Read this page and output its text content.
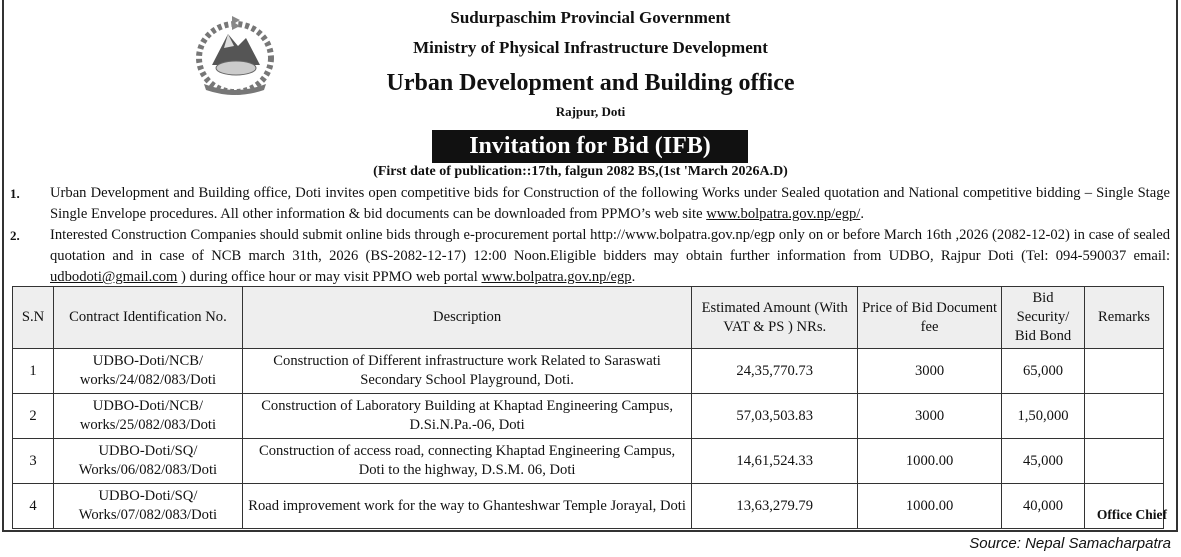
Sudurpaschim Provincial Government
Ministry of Physical Infrastructure Development
Urban Development and Building office
Rajpur, Doti
Invitation for Bid (IFB)
(First date of publication::17th, falgun 2082 BS,(1st 'March 2026A.D)
1. Urban Development and Building office, Doti invites open competitive bids for Construction of the following Works under Sealed quotation and National competitive bidding – Single Stage Single Envelope procedures. All other information & bid documents can be downloaded from PPMO’s web site www.bolpatra.gov.np/egp/.
2. Interested Construction Companies should submit online bids through e-procurement portal http://www.bolpatra.gov.np/egp only on or before March 16th ,2026 (2082-12-02) in case of sealed quotation and in case of NCB march 31th, 2026 (BS-2082-12-17) 12:00 Noon.Eligible bidders may obtain further information from UDBO, Rajpur Doti (Tel: 094-590037 email: udbodoti@gmail.com ) during office hour or may visit PPMO web portal www.bolpatra.gov.np/egp.
S.N	Contract Identification No.	Description	Estimated Amount (With VAT & PS ) NRs.	Price of Bid Document fee	Bid Security/ Bid Bond	Remarks
1	UDBO-Doti/NCB/ works/24/082/083/Doti	Construction of Different infrastructure work Related to Saraswati Secondary School Playground, Doti.	24,35,770.73	3000	65,000	
2	UDBO-Doti/NCB/ works/25/082/083/Doti	Construction of Laboratory Building at Khaptad Engineering Campus, D.Si.N.Pa.-06, Doti	57,03,503.83	3000	1,50,000	
3	UDBO-Doti/SQ/ Works/06/082/083/Doti	Construction of access road, connecting Khaptad Engineering Campus, Doti to the highway, D.S.M. 06, Doti	14,61,524.33	1000.00	45,000	
4	UDBO-Doti/SQ/ Works/07/082/083/Doti	Road improvement work for the way to Ghanteshwar Temple Jorayal, Doti	13,63,279.79	1000.00	40,000	
Office Chief
Source: Nepal Samacharpatra
